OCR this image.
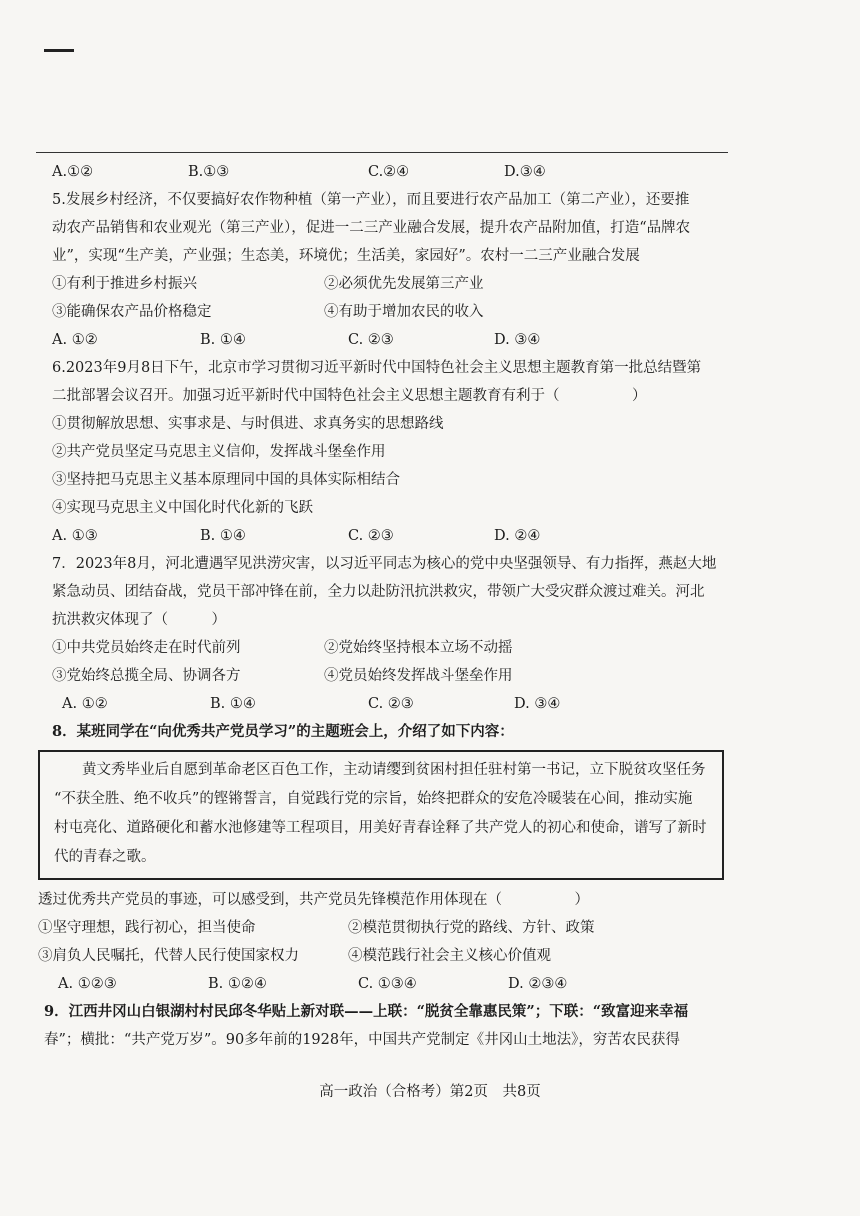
A.①②	B.①③	C.②④	D.③④
5.发展乡村经济，不仅要搞好农作物种植（第一产业），而且要进行农产品加工（第二产业），还要推
动农产品销售和农业观光（第三产业），促进一二三产业融合发展，提升农产品附加值，打造“品牌农
业”，实现“生产美，产业强；生态美，环境优；生活美，家园好”。农村一二三产业融合发展
①有利于推进乡村振兴	②必须优先发展第三产业
③能确保农产品价格稳定	④有助于增加农民的收入
A. ①②	B. ①④	C. ②③	D. ③④
6.2023年9月8日下午，北京市学习贯彻习近平新时代中国特色社会主义思想主题教育第一批总结暨第
二批部署会议召开。加强习近平新时代中国特色社会主义思想主题教育有利于（　　　　　）
①贯彻解放思想、实事求是、与时俱进、求真务实的思想路线
②共产党员坚定马克思主义信仰，发挥战斗堡垒作用
③坚持把马克思主义基本原理同中国的具体实际相结合
④实现马克思主义中国化时代化新的飞跃
A. ①③	B. ①④	C. ②③	D. ②④
7．2023年8月，河北遭遇罕见洪涝灾害，以习近平同志为核心的党中央坚强领导、有力指挥，燕赵大地
紧急动员、团结奋战，党员干部冲锋在前，全力以赴防汛抗洪救灾，带领广大受灾群众渡过难关。河北
抗洪救灾体现了（　　　）
①中共党员始终走在时代前列	②党始终坚持根本立场不动摇
③党始终总揽全局、协调各方	④党员始终发挥战斗堡垒作用
A. ①②	B. ①④	C. ②③	D. ③④
8．某班同学在“向优秀共产党员学习”的主题班会上，介绍了如下内容：
黄文秀毕业后自愿到革命老区百色工作，主动请缨到贫困村担任驻村第一书记，立下脱贫攻坚任务
“不获全胜、绝不收兵”的铿锵誓言，自觉践行党的宗旨，始终把群众的安危冷暖装在心间，推动实施
村屯亮化、道路硬化和蓄水池修建等工程项目，用美好青春诠释了共产党人的初心和使命，谱写了新时
代的青春之歌。
透过优秀共产党员的事迹，可以感受到，共产党员先锋模范作用体现在（　　　　　）
①坚守理想，践行初心，担当使命	②模范贯彻执行党的路线、方针、政策
③肩负人民嘱托，代替人民行使国家权力	④模范践行社会主义核心价值观
A. ①②③	B. ①②④	C. ①③④	D. ②③④
9．江西井冈山白银湖村村民邱冬华贴上新对联——上联：“脱贫全靠惠民策”；下联：“致富迎来幸福
春”；横批：“共产党万岁”。90多年前的1928年，中国共产党制定《井冈山土地法》，穷苦农民获得
高一政治（合格考）第2页　共8页
